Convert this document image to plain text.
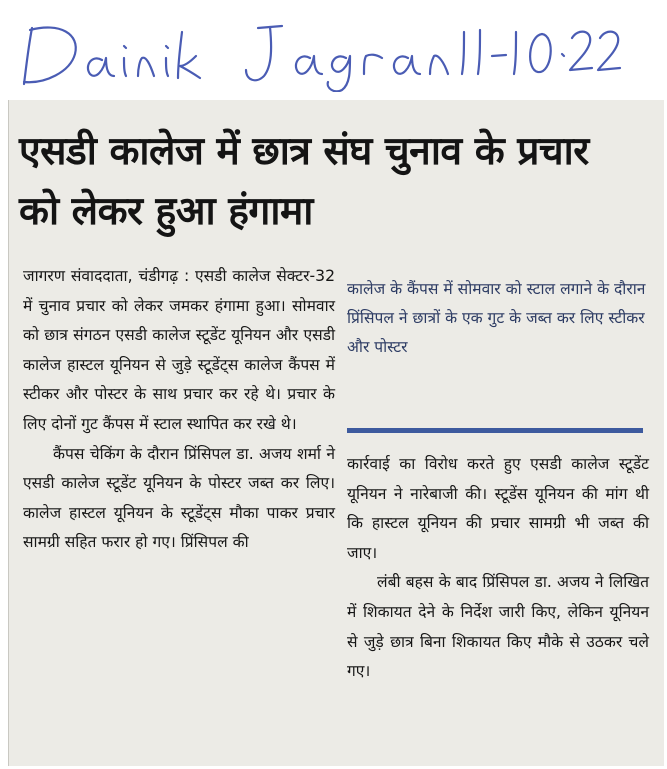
Dainik Jagran 11-10-22
एसडी कालेज में छात्र संघ चुनाव के प्रचार को लेकर हुआ हंगामा

जागरण संवाददाता, चंडीगढ़ : एसडी कालेज सेक्टर-32 में चुनाव प्रचार को लेकर जमकर हंगामा हुआ। सोमवार को छात्र संगठन एसडी कालेज स्टूडेंट यूनियन और एसडी कालेज हास्टल यूनियन से जुड़े स्टूडेंट्स कालेज कैंपस में स्टीकर और पोस्टर के साथ प्रचार कर रहे थे। प्रचार के लिए दोनों गुट कैंपस में स्टाल स्थापित कर रखे थे।

कैंपस चेकिंग के दौरान प्रिंसिपल डा. अजय शर्मा ने एसडी कालेज स्टूडेंट यूनियन के पोस्टर जब्त कर लिए। कालेज हास्टल यूनियन के स्टूडेंट्स मौका पाकर प्रचार सामग्री सहित फरार हो गए। प्रिंसिपल की

कालेज के कैंपस में सोमवार को स्टाल लगाने के दौरान प्रिंसिपल ने छात्रों के एक गुट के जब्त कर लिए स्टीकर और पोस्टर

कार्रवाई का विरोध करते हुए एसडी कालेज स्टूडेंट यूनियन ने नारेबाजी की। स्टूडेंस यूनियन की मांग थी कि हास्टल यूनियन की प्रचार सामग्री भी जब्त की जाए।

लंबी बहस के बाद प्रिंसिपल डा. अजय ने लिखित में शिकायत देने के निर्देश जारी किए, लेकिन यूनियन से जुड़े छात्र बिना शिकायत किए मौके से उठकर चले गए।
